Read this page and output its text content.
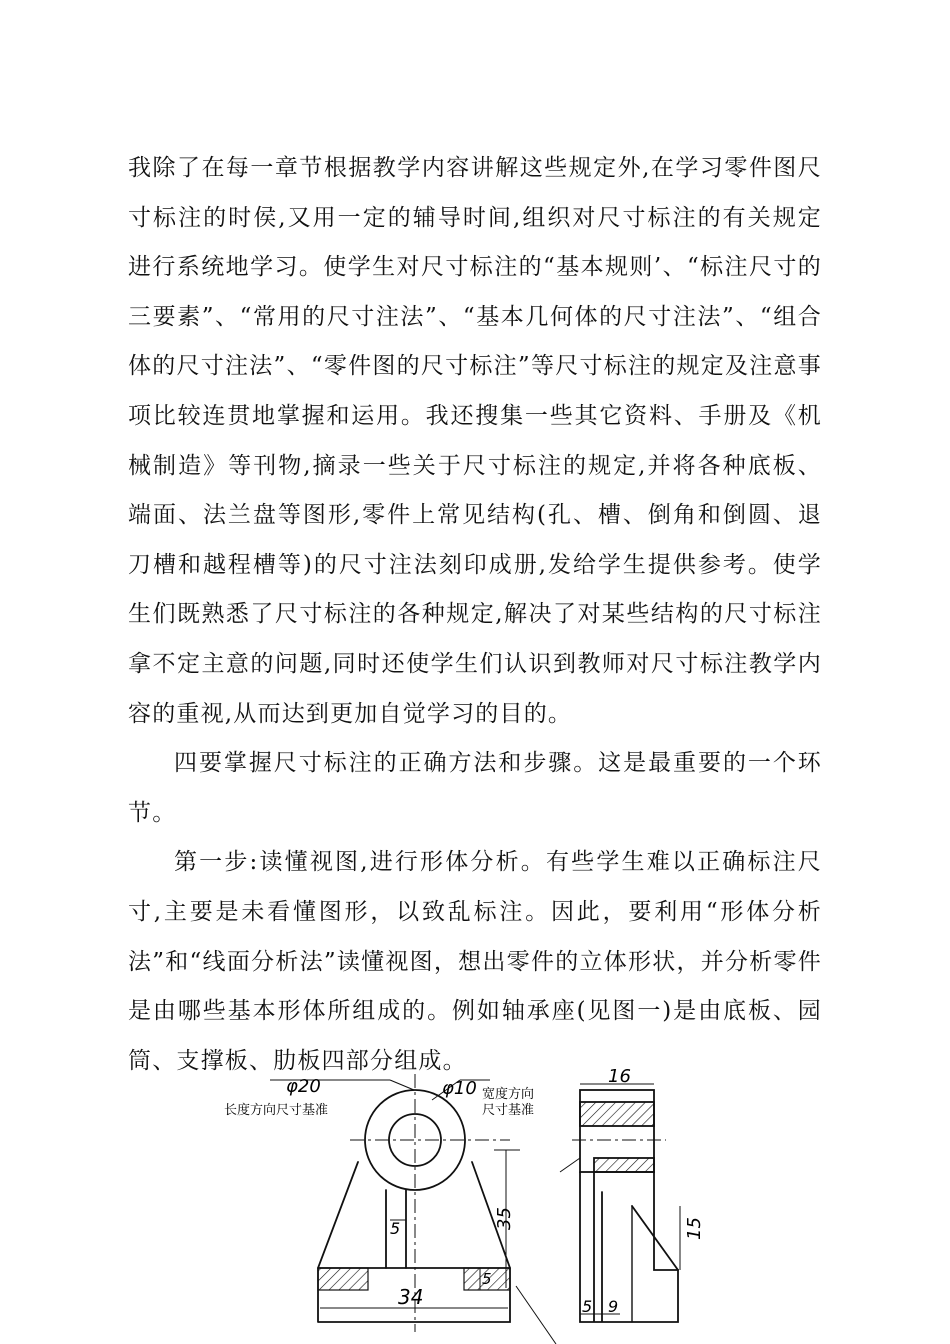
我除了在每一章节根据教学内容讲解这些规定外,在学习零件图尺寸标注的时侯,又用一定的辅导时间,组织对尺寸标注的有关规定进行系统地学习。使学生对尺寸标注的“基本规则’、“标注尺寸的三要素”、“常用的尺寸注法”、“基本几何体的尺寸注法”、“组合体的尺寸注法”、“零件图的尺寸标注”等尺寸标注的规定及注意事项比较连贯地掌握和运用。我还搜集一些其它资料、手册及《机械制造》等刊物,摘录一些关于尺寸标注的规定,并将各种底板、端面、法兰盘等图形,零件上常见结构(孔、槽、倒角和倒圆、退刀槽和越程槽等)的尺寸注法刻印成册,发给学生提供参考。使学生们既熟悉了尺寸标注的各种规定,解决了对某些结构的尺寸标注拿不定主意的问题,同时还使学生们认识到教师对尺寸标注教学内容的重视,从而达到更加自觉学习的目的。

四要掌握尺寸标注的正确方法和步骤。这是最重要的一个环节。

第一步:读懂视图,进行形体分析。有些学生难以正确标注尺寸,主要是未看懂图形，以致乱标注。因此，要利用“形体分析法”和“线面分析法”读懂视图，想出零件的立体形状，并分析零件是由哪些基本形体所组成的。例如轴承座(见图一)是由底板、园筒、支撑板、肋板四部分组成。

长度方向尺寸基准
宽度方向
尺寸基准
φ20	φ10
5	35
5
34
16
15
5 9
